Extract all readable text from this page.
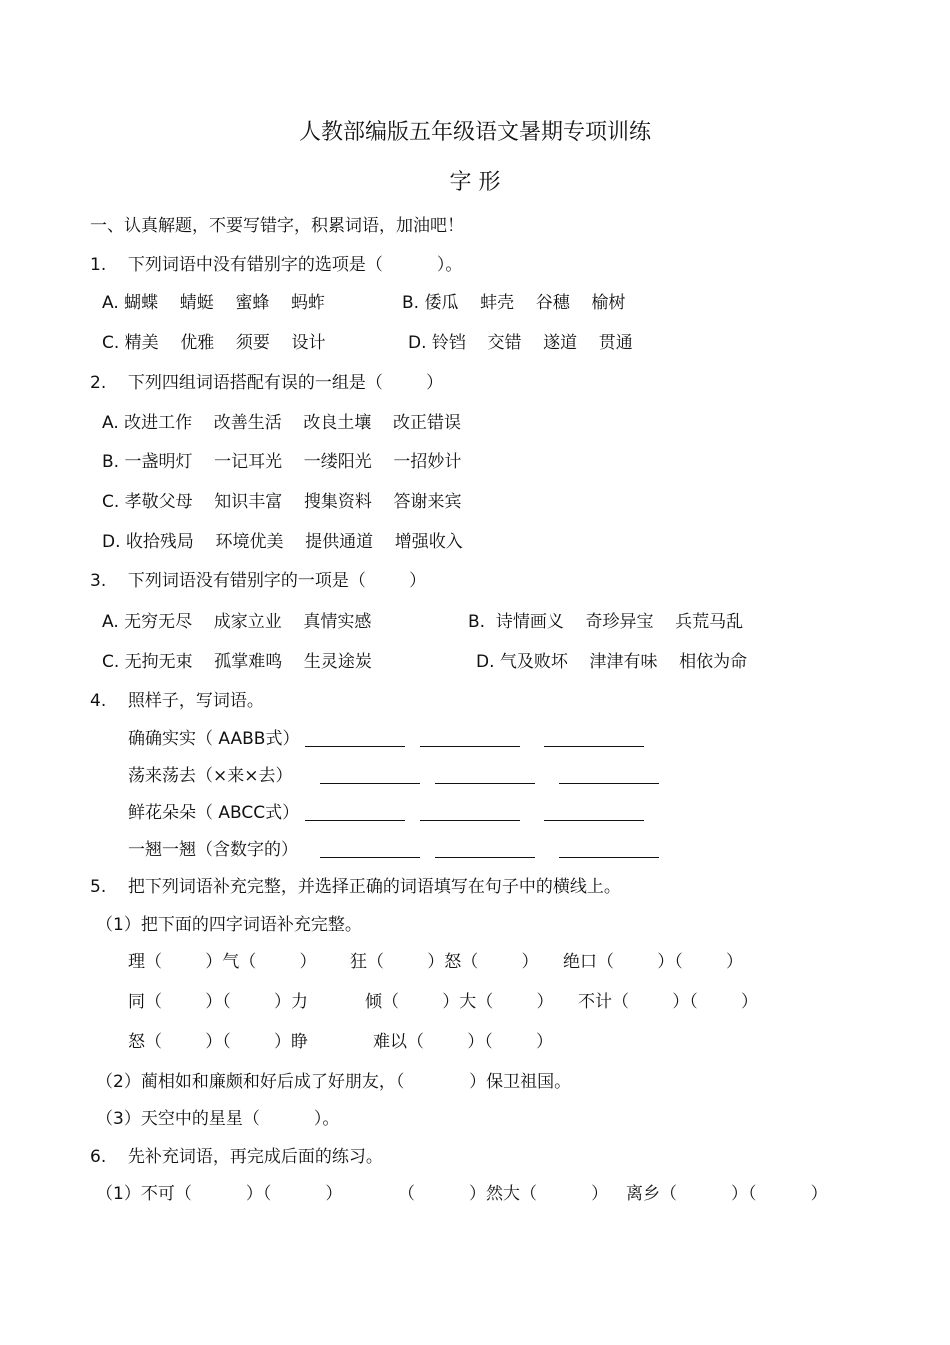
人教部编版五年级语文暑期专项训练
字 形
一、认真解题，不要写错字，积累词语，加油吧！
1.    下列词语中没有错别字的选项是（          ）。
A. 蝴蝶    蜻蜓    蜜蜂    蚂蚱	B. 倭瓜    蚌壳    谷穗    榆树
C. 精美    优雅    须要    设计	D. 铃铛    交错    遂道    贯通
2.    下列四组词语搭配有误的一组是（        ）
A. 改进工作    改善生活    改良土壤    改正错误
B. 一盏明灯    一记耳光    一缕阳光    一招妙计
C. 孝敬父母    知识丰富    搜集资料    答谢来宾
D. 收拾残局    环境优美    提供通道    增强收入
3.    下列词语没有错别字的一项是（        ）
A. 无穷无尽    成家立业    真情实感	B.  诗情画义    奇珍异宝    兵荒马乱
C. 无拘无束    孤掌难鸣    生灵途炭	D. 气及败坏    津津有味    相依为命
4.    照样子，写词语。
确确实实（ AABB式）
荡来荡去（×来×去）
鲜花朵朵（ ABCC式）
一翘一翘（含数字的）
5.    把下列词语补充完整，并选择正确的词语填写在句子中的横线上。
（1）把下面的四字词语补充完整。
理（        ）气（        ） 狂（        ）怒（        ） 绝口（        ）（        ）
同（        ）（        ）力	倾（        ）大（        ） 不计（        ）（        ）
怒（        ）（        ）睁	难以（        ）（        ）
（2）蔺相如和廉颇和好后成了好朋友，（            ）保卫祖国。
（3）天空中的星星（          ）。
6.    先补充词语，再完成后面的练习。
（1）不可（          ）（          ）	（          ）然大（          ） 离乡（          ）（          ）
